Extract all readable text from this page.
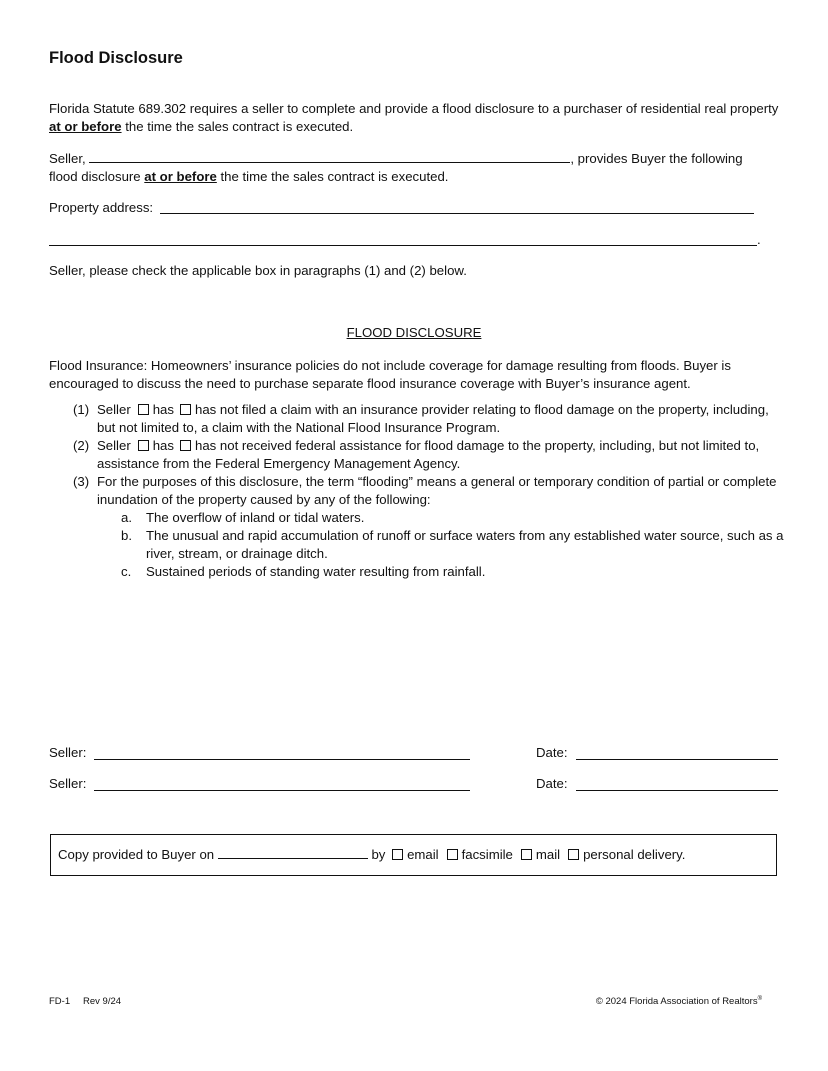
Flood Disclosure

Florida Statute 689.302 requires a seller to complete and provide a flood disclosure to a purchaser of residential real property at or before the time the sales contract is executed.

Seller,	, provides Buyer the following
flood disclosure at or before the time the sales contract is executed.

Property address:
.
Seller, please check the applicable box in paragraphs (1) and (2) below.
FLOOD DISCLOSURE

Flood Insurance: Homeowners’ insurance policies do not include coverage for damage resulting from floods. Buyer is encouraged to discuss the need to purchase separate flood insurance coverage with Buyer’s insurance agent.

(1) Seller has has not filed a claim with an insurance provider relating to flood damage on the property, including, but not limited to, a claim with the National Flood Insurance Program.
(2) Seller has has not received federal assistance for flood damage to the property, including, but not limited to, assistance from the Federal Emergency Management Agency.
(3) For the purposes of this disclosure, the term “flooding” means a general or temporary condition of partial or complete inundation of the property caused by any of the following:
a. The overflow of inland or tidal waters.
b. The unusual and rapid accumulation of runoff or surface waters from any established water source, such as a river, stream, or drainage ditch.
c. Sustained periods of standing water resulting from rainfall.
Seller:	Date:
Seller:	Date:
Copy provided to Buyer on	by email facsimile mail personal delivery.
FD-1 Rev 9/24	© 2024 Florida Association of Realtors®
